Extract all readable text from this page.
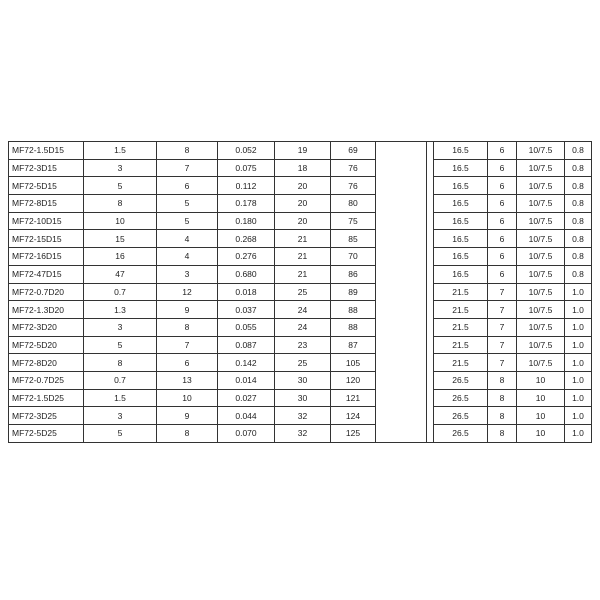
MF72-1.5D15	1.5	8	0.052	19	69			16.5	6	10/7.5	0.8
MF72-3D15	3	7	0.075	18	76			16.5	6	10/7.5	0.8
MF72-5D15	5	6	0.112	20	76			16.5	6	10/7.5	0.8
MF72-8D15	8	5	0.178	20	80			16.5	6	10/7.5	0.8
MF72-10D15	10	5	0.180	20	75			16.5	6	10/7.5	0.8
MF72-15D15	15	4	0.268	21	85			16.5	6	10/7.5	0.8
MF72-16D15	16	4	0.276	21	70			16.5	6	10/7.5	0.8
MF72-47D15	47	3	0.680	21	86			16.5	6	10/7.5	0.8
MF72-0.7D20	0.7	12	0.018	25	89			21.5	7	10/7.5	1.0
MF72-1.3D20	1.3	9	0.037	24	88			21.5	7	10/7.5	1.0
MF72-3D20	3	8	0.055	24	88			21.5	7	10/7.5	1.0
MF72-5D20	5	7	0.087	23	87			21.5	7	10/7.5	1.0
MF72-8D20	8	6	0.142	25	105			21.5	7	10/7.5	1.0
MF72-0.7D25	0.7	13	0.014	30	120			26.5	8	10	1.0
MF72-1.5D25	1.5	10	0.027	30	121			26.5	8	10	1.0
MF72-3D25	3	9	0.044	32	124			26.5	8	10	1.0
MF72-5D25	5	8	0.070	32	125			26.5	8	10	1.0
